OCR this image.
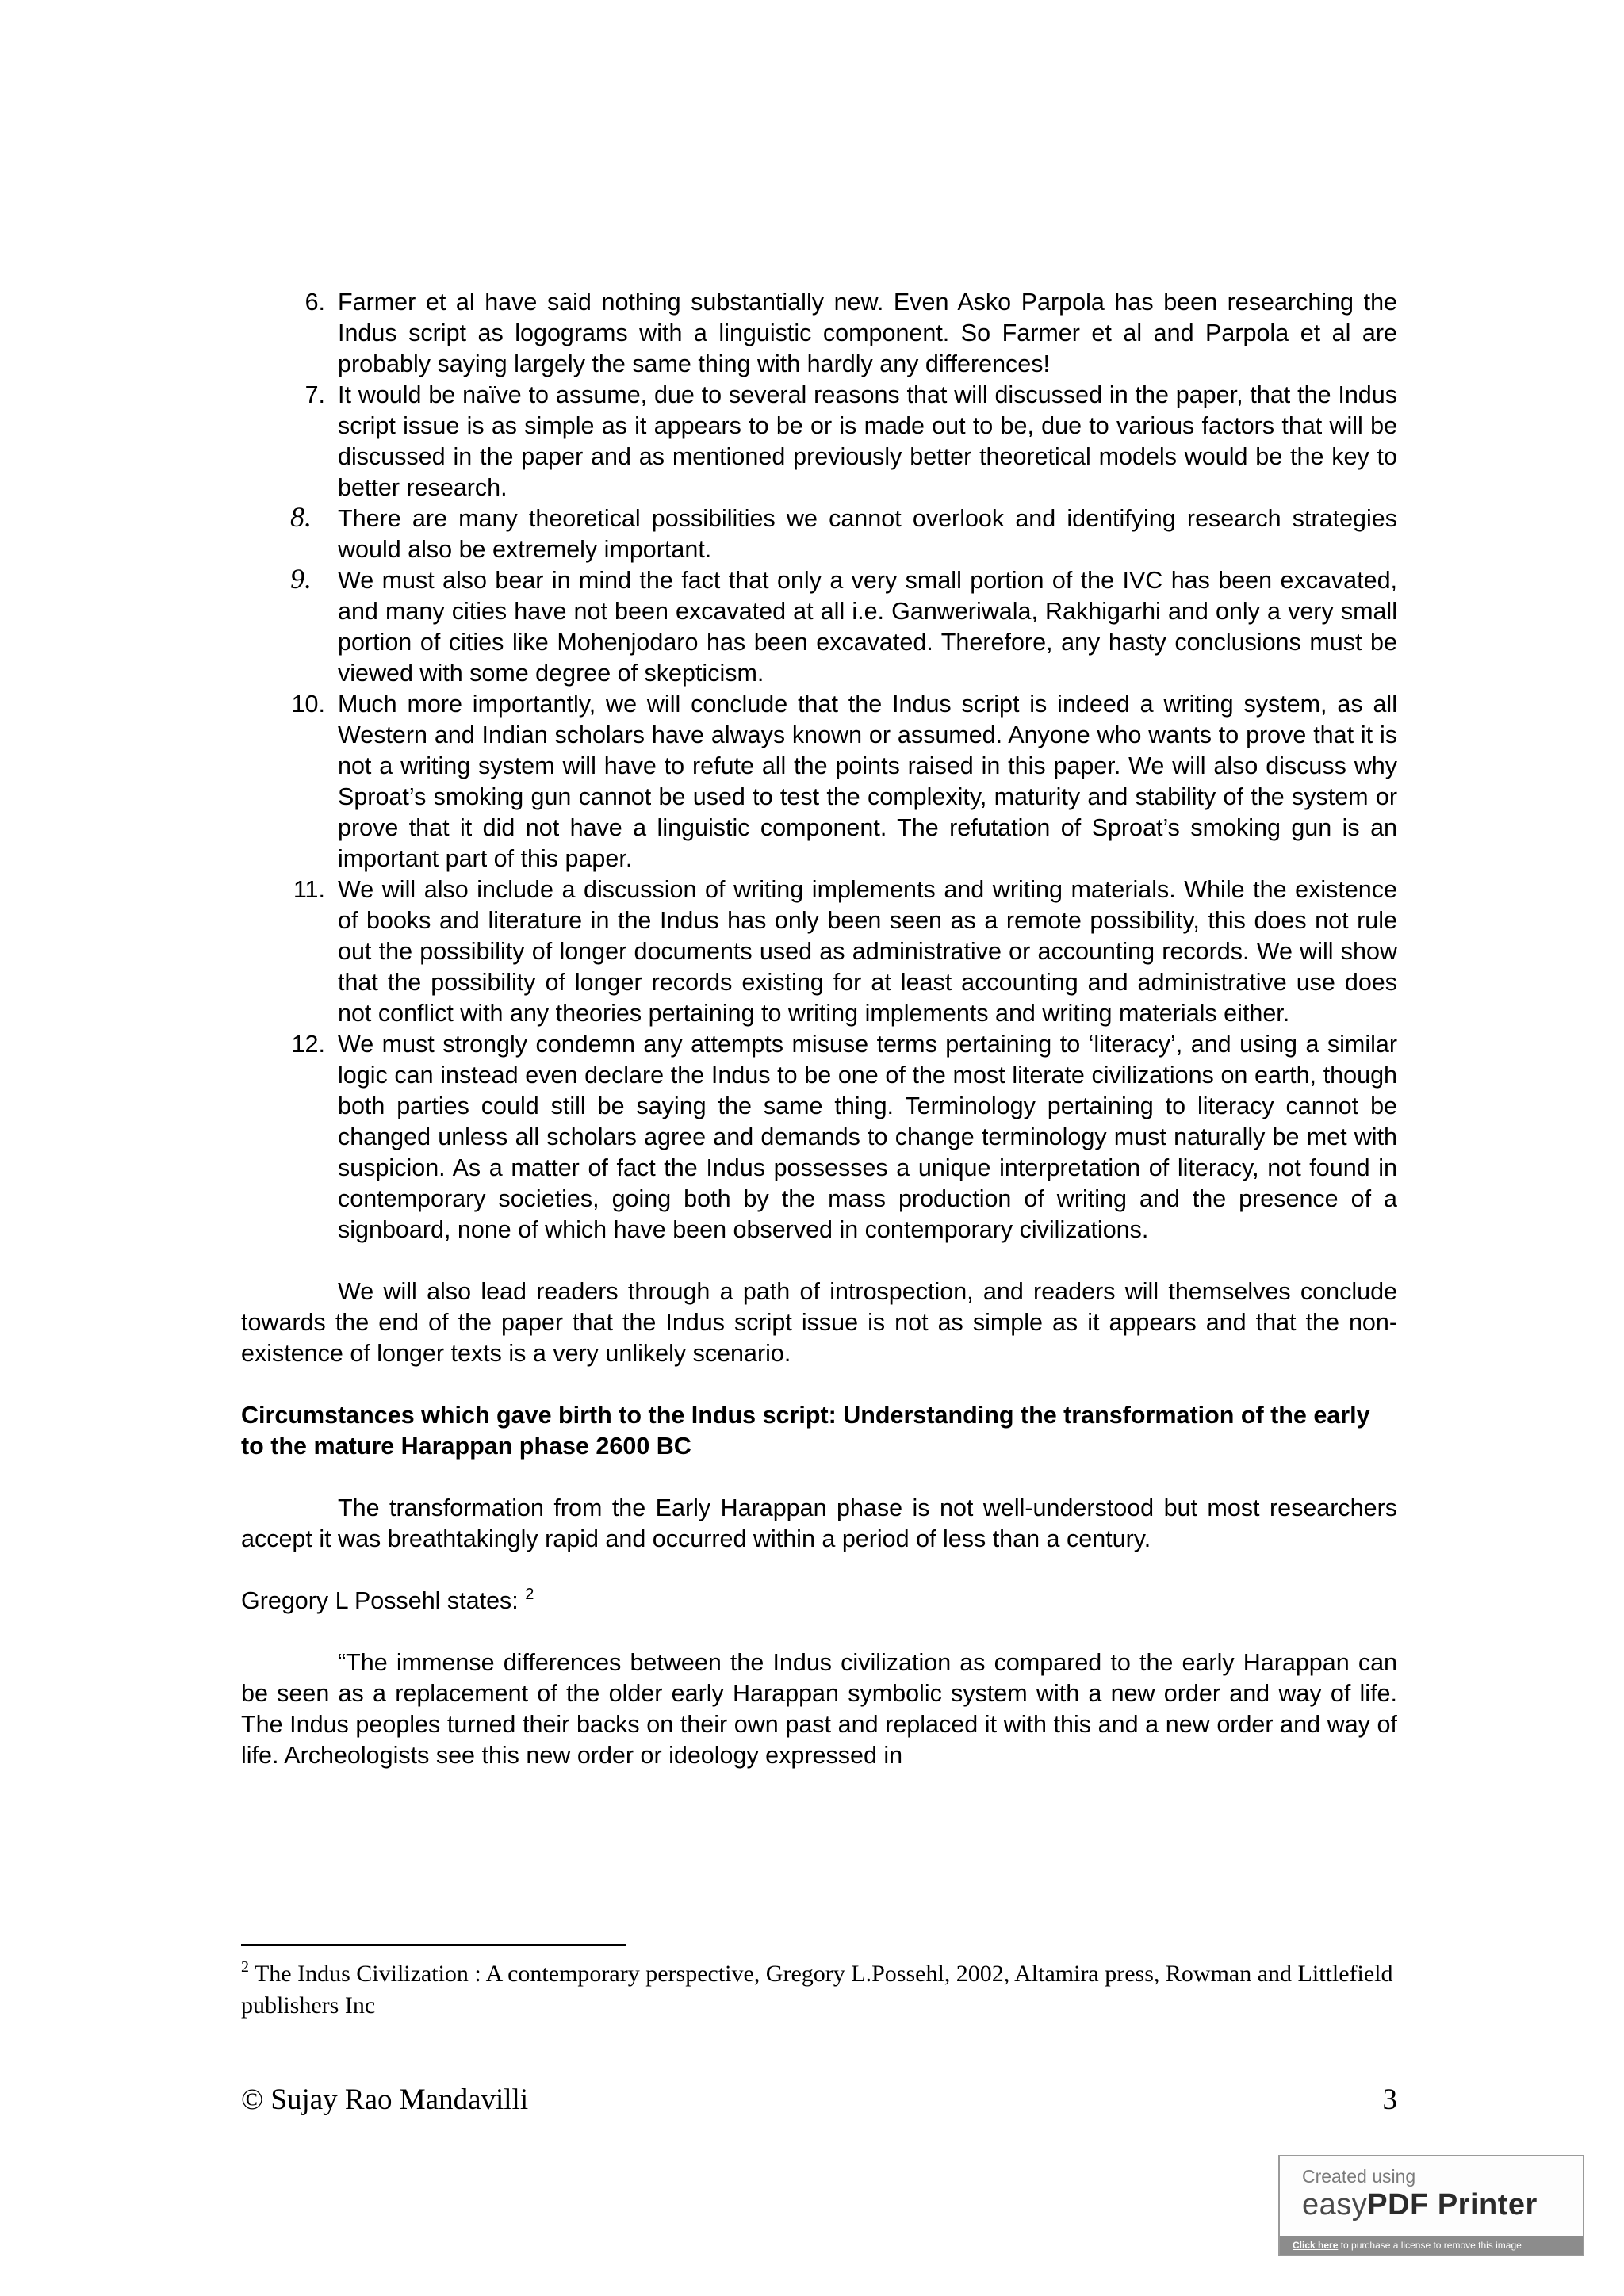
6. Farmer et al have said nothing substantially new. Even Asko Parpola has been researching the Indus script as logograms with a linguistic component. So Farmer et al and Parpola et al are probably saying largely the same thing with hardly any differences!
7. It would be naïve to assume, due to several reasons that will discussed in the paper, that the Indus script issue is as simple as it appears to be or is made out to be, due to various factors that will be discussed in the paper and as mentioned previously better theoretical models would be the key to better research.
8.	There are many theoretical possibilities we cannot overlook and identifying research strategies would also be extremely important.
9.	We must also bear in mind the fact that only a very small portion of the IVC has been excavated, and many cities have not been excavated at all i.e. Ganweriwala, Rakhigarhi and only a very small portion of cities like Mohenjodaro has been excavated. Therefore, any hasty conclusions must be viewed with some degree of skepticism.
10. Much more importantly, we will conclude that the Indus script is indeed a writing system, as all Western and Indian scholars have always known or assumed. Anyone who wants to prove that it is not a writing system will have to refute all the points raised in this paper. We will also discuss why Sproat’s smoking gun cannot be used to test the complexity, maturity and stability of the system or prove that it did not have a linguistic component. The refutation of Sproat’s smoking gun is an important part of this paper.
11. We will also include a discussion of writing implements and writing materials. While the existence of books and literature in the Indus has only been seen as a remote possibility, this does not rule out the possibility of longer documents used as administrative or accounting records. We will show that the possibility of longer records existing for at least accounting and administrative use does not conflict with any theories pertaining to writing implements and writing materials either.
12. We must strongly condemn any attempts misuse terms pertaining to ‘literacy’, and using a similar logic can instead even declare the Indus to be one of the most literate civilizations on earth, though both parties could still be saying the same thing. Terminology pertaining to literacy cannot be changed unless all scholars agree and demands to change terminology must naturally be met with suspicion. As a matter of fact the Indus possesses a unique interpretation of literacy, not found in contemporary societies, going both by the mass production of writing and the presence of a signboard, none of which have been observed in contemporary civilizations.

We will also lead readers through a path of introspection, and readers will themselves conclude towards the end of the paper that the Indus script issue is not as simple as it appears and that the non-existence of longer texts is a very unlikely scenario.

Circumstances which gave birth to the Indus script: Understanding the transformation of the early to the mature Harappan phase 2600 BC

The transformation from the Early Harappan phase is not well-understood but most researchers accept it was breathtakingly rapid and occurred within a period of less than a century.

Gregory L Possehl states: $^2$

“The immense differences between the Indus civilization as compared to the early Harappan can be seen as a replacement of the older early Harappan symbolic system with a new order and way of life. The Indus peoples turned their backs on their own past and replaced it with this and a new order and way of life. Archeologists see this new order or ideology expressed in

$^2$ The Indus Civilization : A contemporary perspective, Gregory L.Possehl, 2002, Altamira press, Rowman and Littlefield publishers Inc
© Sujay Rao Mandavilli	3
Created using
easyPDF Printer
Click here to purchase a license to remove this image
